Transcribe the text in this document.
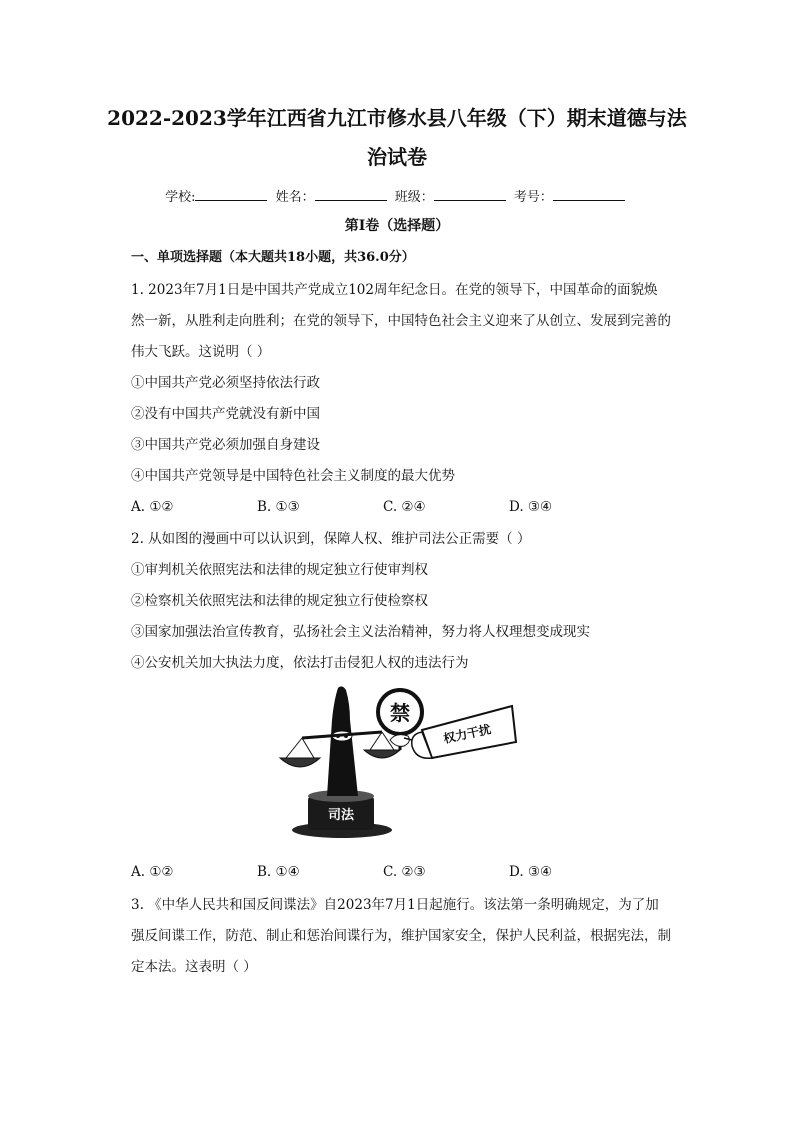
2022-2023学年江西省九江市修水县八年级（下）期末道德与法
治试卷
学校:	姓名：	班级：	考号：
第Ⅰ卷（选择题）
一、单项选择题（本大题共18小题，共36.0分）
1. 2023年7月1日是中国共产党成立102周年纪念日。在党的领导下，中国革命的面貌焕
然一新，从胜利走向胜利；在党的领导下，中国特色社会主义迎来了从创立、发展到完善的
伟大飞跃。这说明（ ）
①中国共产党必须坚持依法行政
②没有中国共产党就没有新中国
③中国共产党必须加强自身建设
④中国共产党领导是中国特色社会主义制度的最大优势
A. ①②	B. ①③	C. ②④	D. ③④
2. 从如图的漫画中可以认识到，保障人权、维护司法公正需要（ ）
①审判机关依照宪法和法律的规定独立行使审判权
②检察机关依照宪法和法律的规定独立行使检察权
③国家加强法治宣传教育，弘扬社会主义法治精神，努力将人权理想变成现实
④公安机关加大执法力度，依法打击侵犯人权的违法行为
司法
禁
权力干扰
A. ①②	B. ①④	C. ②③	D. ③④
3. 《中华人民共和国反间谍法》自2023年7月1日起施行。该法第一条明确规定，为了加
强反间谍工作，防范、制止和惩治间谍行为，维护国家安全，保护人民利益，根据宪法，制
定本法。这表明（ ）
